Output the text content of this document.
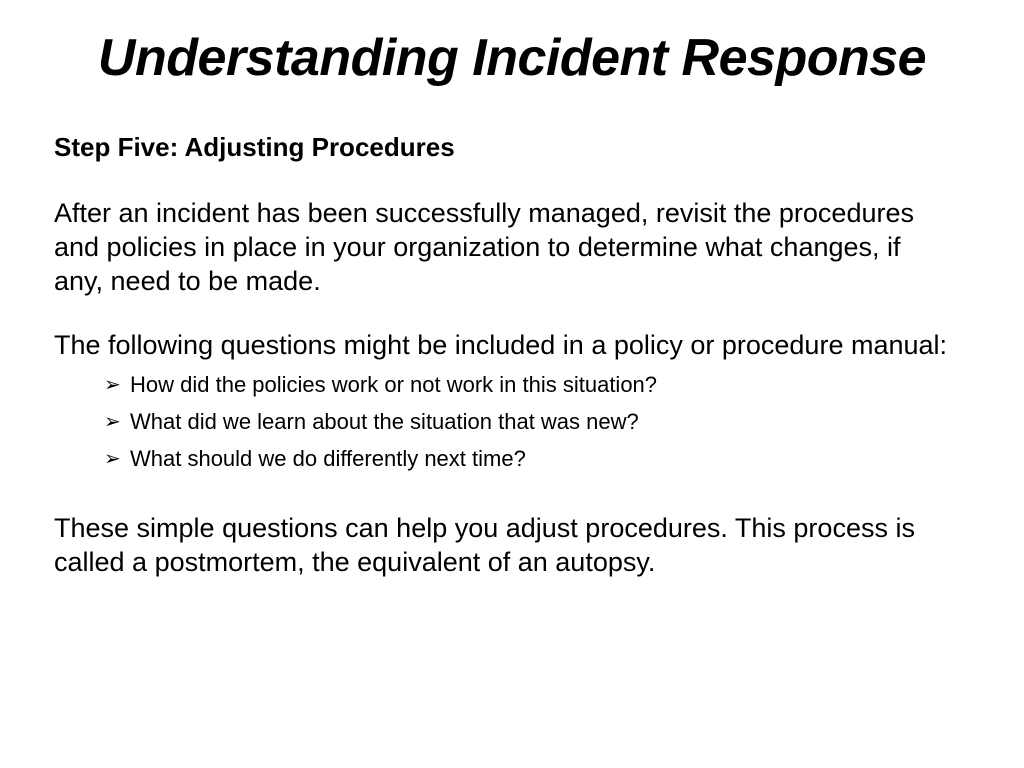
Understanding Incident Response
Step Five: Adjusting Procedures
After an incident has been successfully managed, revisit the procedures and policies in place in your organization to determine what changes, if any, need to be made.
The following questions might be included in a policy or procedure manual:
➢ How did the policies work or not work in this situation?
➢ What did we learn about the situation that was new?
➢ What should we do differently next time?
These simple questions can help you adjust procedures. This process is called a postmortem, the equivalent of an autopsy.
